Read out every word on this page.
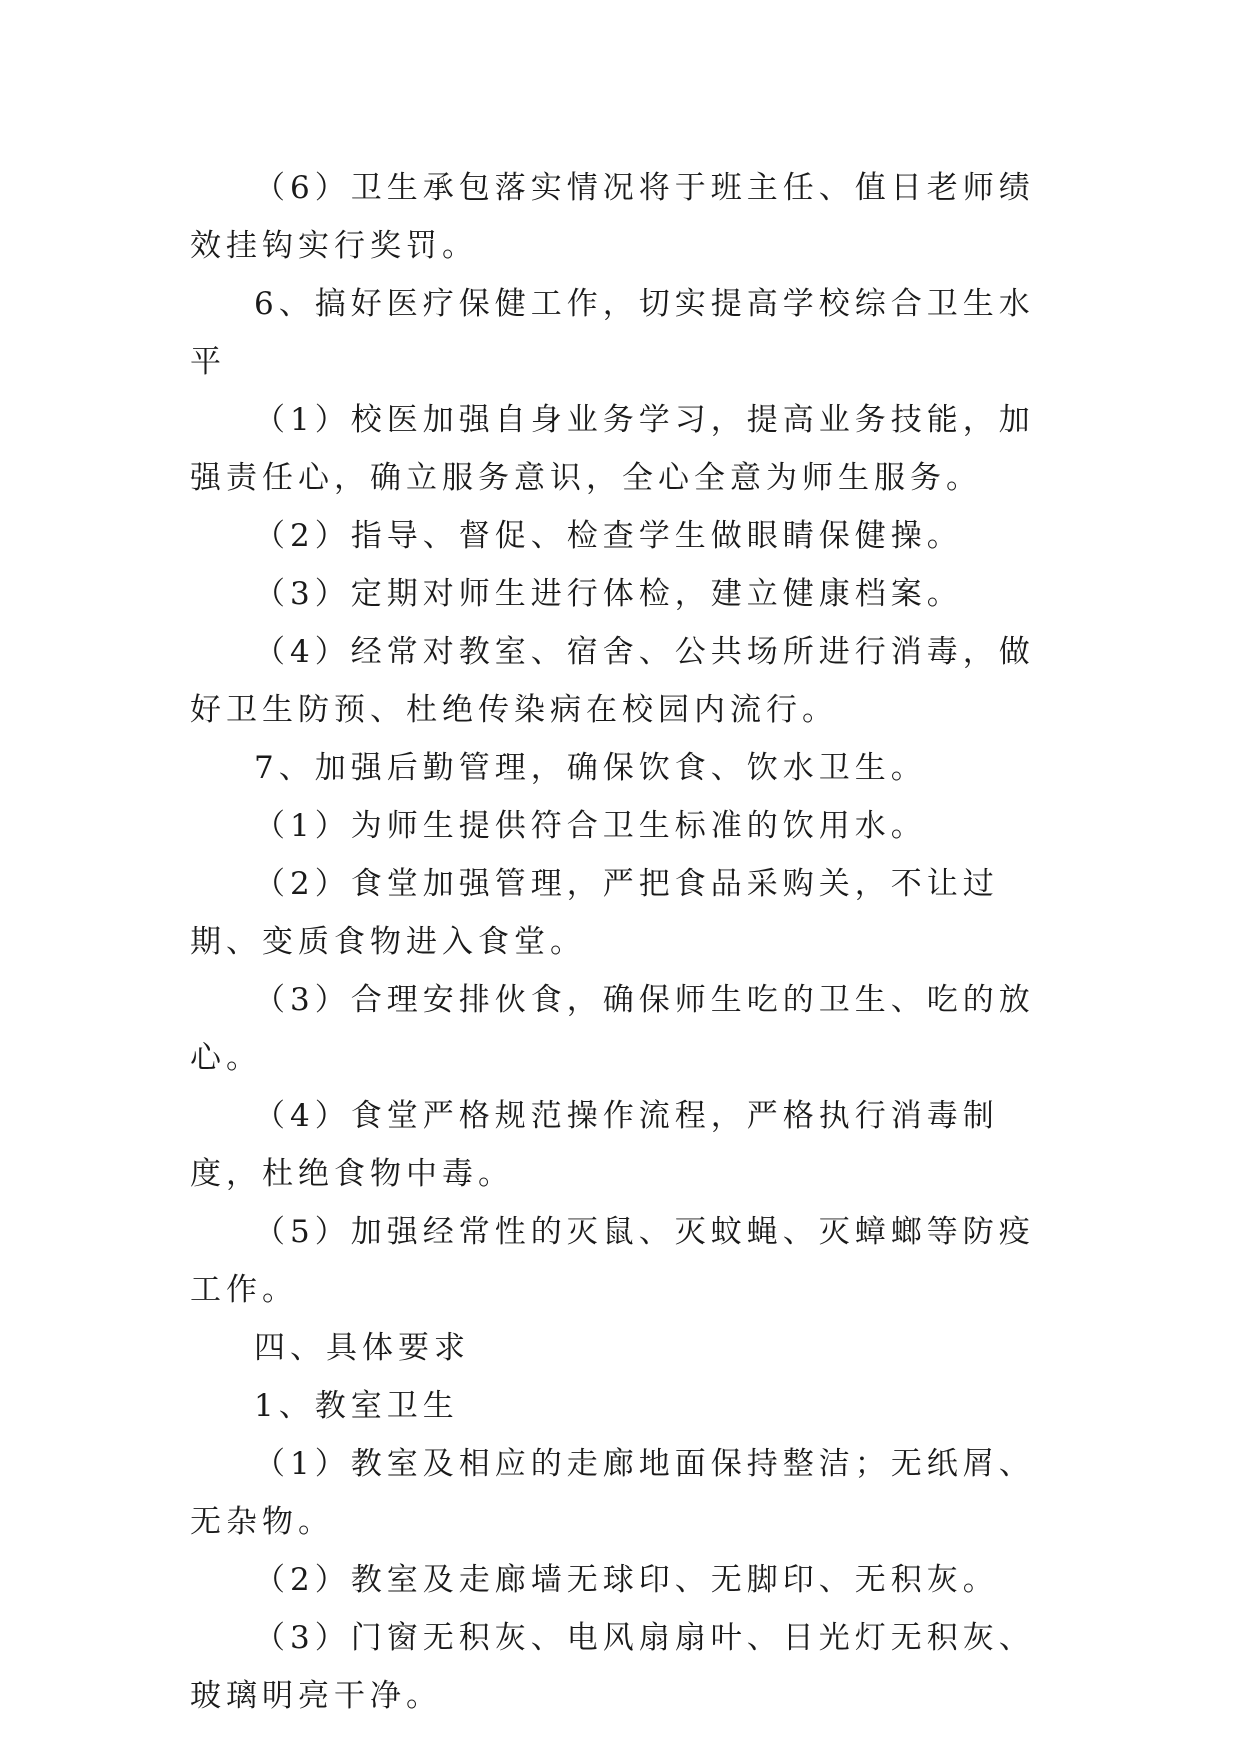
（6）卫生承包落实情况将于班主任、值日老师绩效挂钩实行奖罚。

6、搞好医疗保健工作，切实提高学校综合卫生水平

（1）校医加强自身业务学习，提高业务技能，加强责任心，确立服务意识，全心全意为师生服务。

（2）指导、督促、检查学生做眼睛保健操。

（3）定期对师生进行体检，建立健康档案。

（4）经常对教室、宿舍、公共场所进行消毒，做好卫生防预、杜绝传染病在校园内流行。

7、加强后勤管理，确保饮食、饮水卫生。

（1）为师生提供符合卫生标准的饮用水。

（2）食堂加强管理，严把食品采购关，不让过期、变质食物进入食堂。

（3）合理安排伙食，确保师生吃的卫生、吃的放心。

（4）食堂严格规范操作流程，严格执行消毒制度，杜绝食物中毒。

（5）加强经常性的灭鼠、灭蚊蝇、灭蟑螂等防疫工作。

四、具体要求

1、教室卫生

（1）教室及相应的走廊地面保持整洁；无纸屑、无杂物。

（2）教室及走廊墙无球印、无脚印、无积灰。

（3）门窗无积灰、电风扇扇叶、日光灯无积灰、玻璃明亮干净。
